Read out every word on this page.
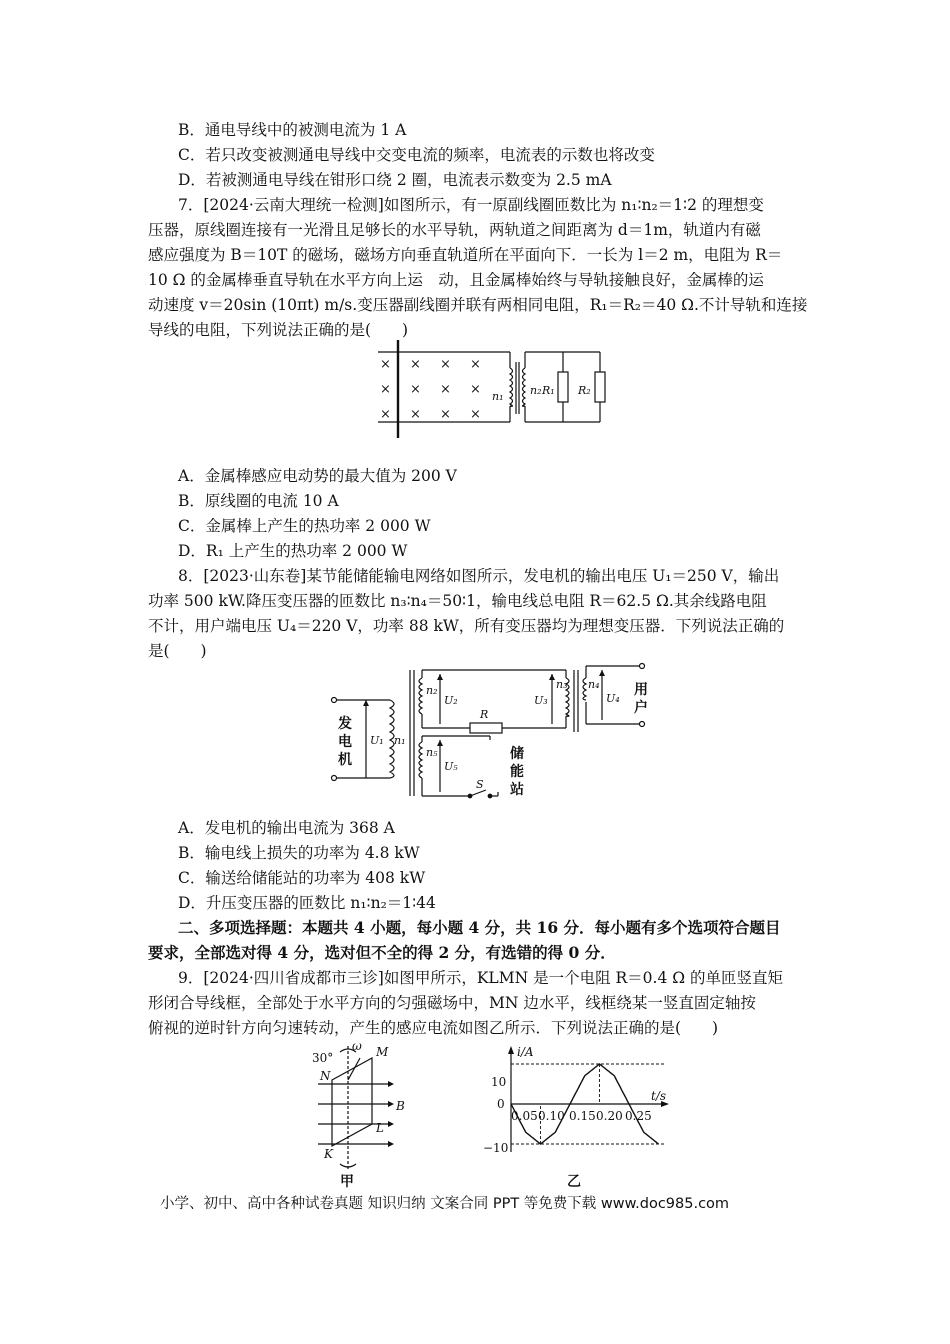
B．通电导线中的被测电流为 1 A
C．若只改变被测通电导线中交变电流的频率，电流表的示数也将改变
D．若被测通电导线在钳形口绕 2 圈，电流表示数变为 2.5 mA
7．[2024·云南大理统一检测]如图所示，有一原副线圈匝数比为 n₁∶n₂＝1∶2 的理想变
压器，原线圈连接有一光滑且足够长的水平导轨，两轨道之间距离为 d＝1m，轨道内有磁
感应强度为 B＝10T 的磁场，磁场方向垂直轨道所在平面向下．一长为 l＝2 m，电阻为 R＝
10 Ω 的金属棒垂直导轨在水平方向上运　动，且金属棒始终与导轨接触良好，金属棒的运
动速度 v＝20sin (10πt) m/s.变压器副线圈并联有两相同电阻，R₁＝R₂＝40 Ω.不计导轨和连接
导线的电阻，下列说法正确的是(　　)
×
×
×
×
×
×
×
×
×
×
×
×
n₁ n₂ R₁ R₂
A．金属棒感应电动势的最大值为 200 V
B．原线圈的电流 10 A
C．金属棒上产生的热功率 2 000 W
D．R₁ 上产生的热功率 2 000 W
8．[2023·山东卷]某节能储能输电网络如图所示，发电机的输出电压 U₁＝250 V，输出
功率 500 kW.降压变压器的匝数比 n₃∶n₄＝50∶1，输电线总电阻 R＝62.5 Ω.其余线路电阻
不计，用户端电压 U₄＝220 V，功率 88 kW，所有变压器均为理想变压器．下列说法正确的
是(　　)
发
电
机
用
户
储
能
站
U₁ n₁
n₂
U₂
R
n₅
U₅
S
U₃
n₃ n₄
U₄
A．发电机的输出电流为 368 A
B．输电线上损失的功率为 4.8 kW
C．输送给储能站的功率为 408 kW
D．升压变压器的匝数比 n₁∶n₂＝1∶44
二、多项选择题：本题共 4 小题，每小题 4 分，共 16 分．每小题有多个选项符合题目
要求，全部选对得 4 分，选对但不全的得 2 分，有选错的得 0 分．
9．[2024·四川省成都市三诊]如图甲所示，KLMN 是一个电阻 R＝0.4 Ω 的单匝竖直矩
形闭合导线框，全部处于水平方向的匀强磁场中，MN 边水平，线框绕某一竖直固定轴按
俯视的逆时针方向匀速转动，产生的感应电流如图乙所示．下列说法正确的是(　　)
30°
ω M
N
B
L
K
甲
i/A
t/s
0
10
−10
0.05 0.10 0.15 0.20 0.25
乙
小学、初中、高中各种试卷真题 知识归纳 文案合同 PPT 等免费下载 www.doc985.com
